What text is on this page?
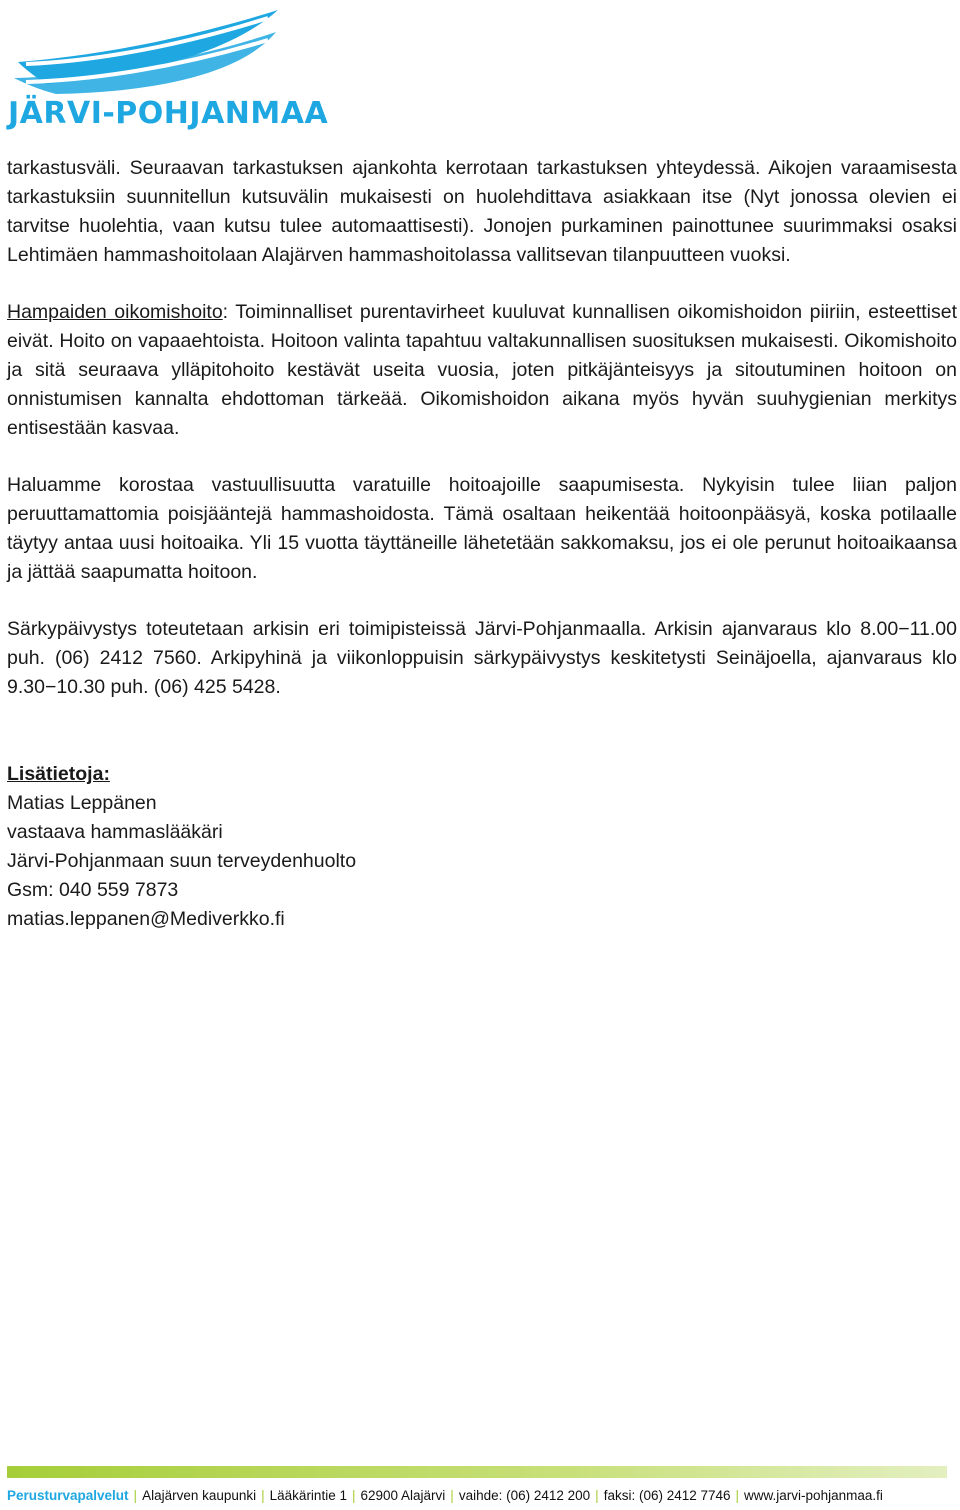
JÄRVI-POHJANMAA

tarkastusväli. Seuraavan tarkastuksen ajankohta kerrotaan tarkastuksen yhteydessä. Aikojen varaamisesta tarkastuksiin suunnitellun kutsuvälin mukaisesti on huolehdittava asiakkaan itse (Nyt jonossa olevien ei tarvitse huolehtia, vaan kutsu tulee automaattisesti). Jonojen purkaminen painottunee suurimmaksi osaksi Lehtimäen hammashoitolaan Alajärven hammashoitolassa vallitsevan tilanpuutteen vuoksi.

Hampaiden oikomishoito: Toiminnalliset purentavirheet kuuluvat kunnallisen oikomishoidon piiriin, esteettiset eivät. Hoito on vapaaehtoista. Hoitoon valinta tapahtuu valtakunnallisen suosituksen mukaisesti. Oikomishoito ja sitä seuraava ylläpitohoito kestävät useita vuosia, joten pitkäjänteisyys ja sitoutuminen hoitoon on onnistumisen kannalta ehdottoman tärkeää. Oikomishoidon aikana myös hyvän suuhygienian merkitys entisestään kasvaa.

Haluamme korostaa vastuullisuutta varatuille hoitoajoille saapumisesta. Nykyisin tulee liian paljon peruuttamattomia poisjääntejä hammashoidosta. Tämä osaltaan heikentää hoitoonpääsyä, koska potilaalle täytyy antaa uusi hoitoaika. Yli 15 vuotta täyttäneille lähetetään sakkomaksu, jos ei ole perunut hoitoaikaansa ja jättää saapumatta hoitoon.

Särkypäivystys toteutetaan arkisin eri toimipisteissä Järvi-Pohjanmaalla. Arkisin ajanvaraus klo 8.00−11.00 puh. (06) 2412 7560. Arkipyhinä ja viikonloppuisin särkypäivystys keskitetysti Seinäjoella, ajanvaraus klo 9.30−10.30 puh. (06) 425 5428.

Lisätietoja:
Matias Leppänen
vastaava hammaslääkäri
Järvi-Pohjanmaan suun terveydenhuolto
Gsm: 040 559 7873
matias.leppanen@Mediverkko.fi
Perusturvapalvelut | Alajärven kaupunki | Lääkärintie 1 | 62900 Alajärvi | vaihde: (06) 2412 200 | faksi: (06) 2412 7746 | www.jarvi-pohjanmaa.fi
